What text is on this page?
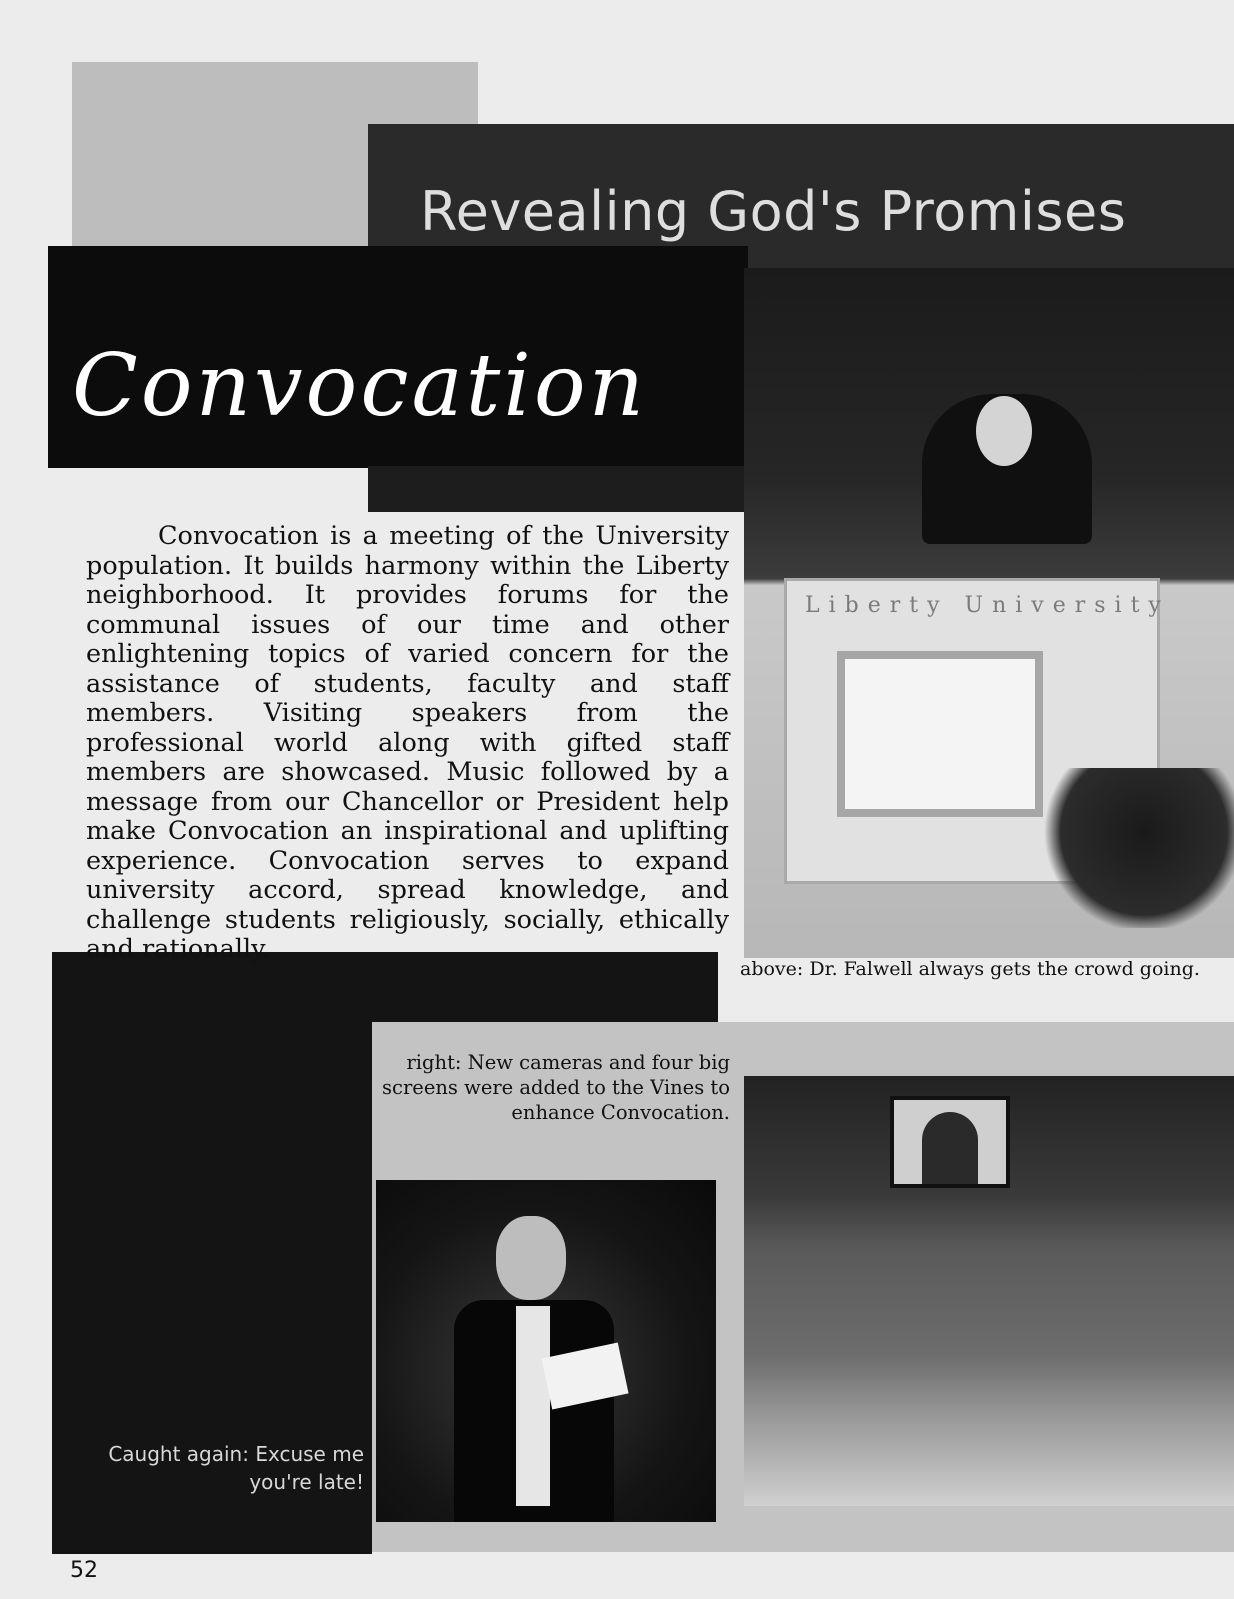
Revealing God's Promises
Convocation

Convocation is a meeting of the University population. It builds harmony within the Liberty neighborhood. It provides forums for the communal issues of our time and other enlightening topics of varied concern for the assistance of students, faculty and staff members. Visiting speakers from the professional world along with gifted staff members are showcased. Music followed by a message from our Chancellor or President help make Convocation an inspirational and uplifting experience. Convocation serves to expand university accord, spread knowledge, and challenge students religiously, socially, ethically and rationally.

Liberty University

above: Dr. Falwell always gets the crowd going.

right: New cameras and four big screens were added to the Vines to enhance Convocation.

Caught again: Excuse me you're late!

52
